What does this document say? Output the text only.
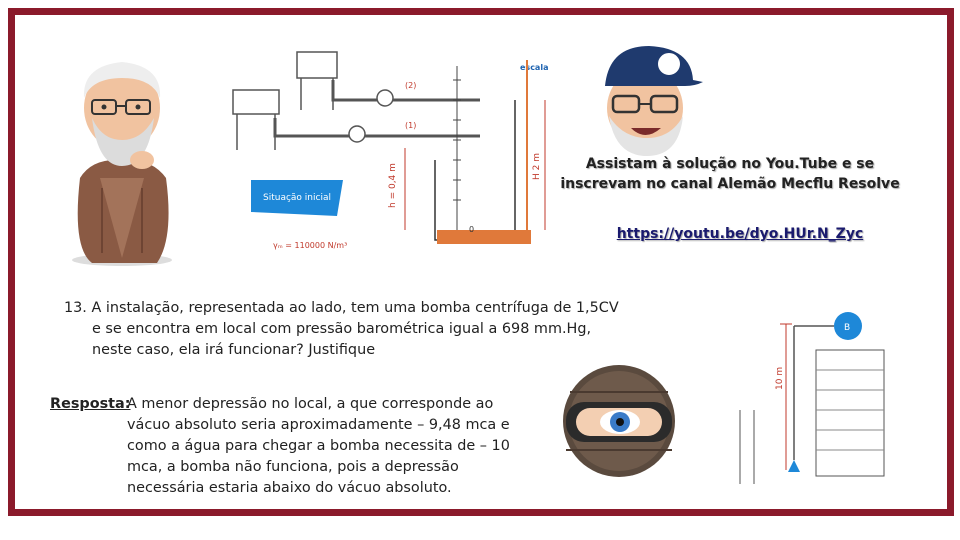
(2)
(1)
escala
0
h = 0,4 m	H 2 m
Situação inicial
γₘ = 110000 N/m³
Assistam à solução no You.Tube e se
inscrevam no canal Alemão Mecflu Resolve
https://youtu.be/dyo.HUr.N_Zyc
13. A instalação, representada ao lado, tem uma bomba centrífuga de 1,5CV
e se encontra em local com pressão barométrica igual a 698 mm.Hg,
neste caso, ela irá funcionar? Justifique
Resposta:
A menor depressão no local, a que corresponde ao
vácuo absoluto seria aproximadamente – 9,48 mca e
como a água para chegar a bomba necessita de – 10
mca, a bomba não funciona, pois a depressão
necessária estaria abaixo do vácuo absoluto.
10 m
B
